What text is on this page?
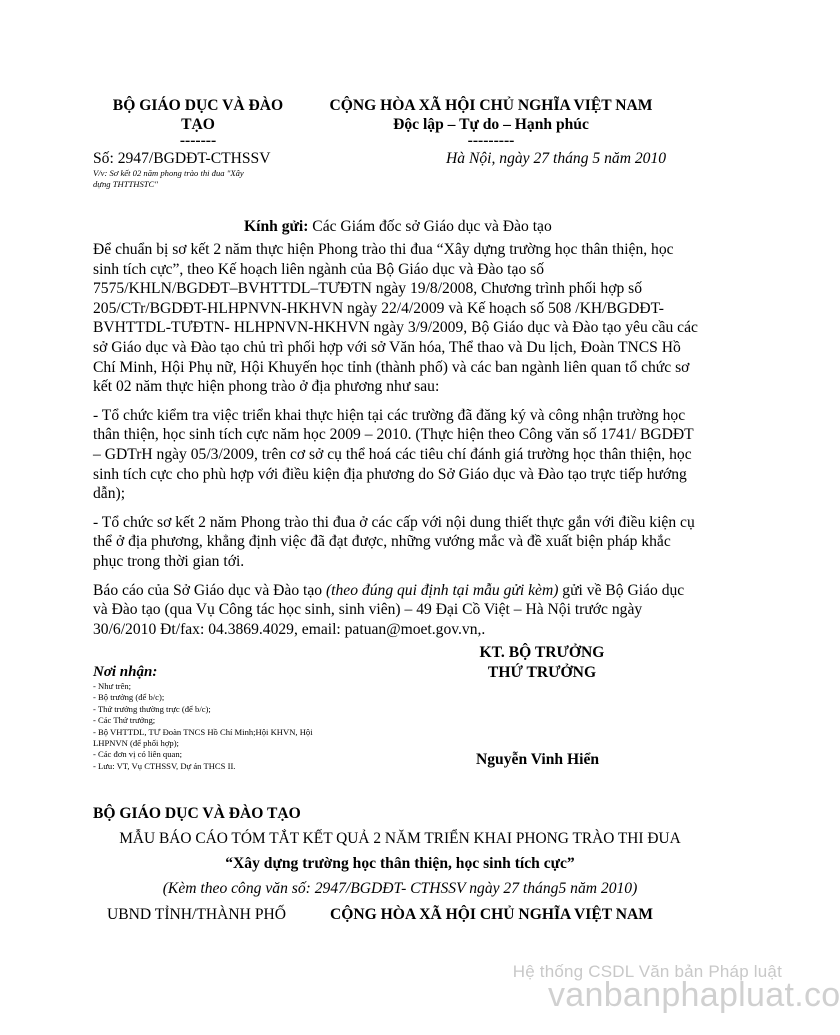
BỘ GIÁO DỤC VÀ ĐÀO
TẠO
-------
CỘNG HÒA XÃ HỘI CHỦ NGHĨA VIỆT NAM
Độc lập – Tự do – Hạnh phúc
---------
Số: 2947/BGDĐT-CTHSSV
V/v: Sơ kết 02 năm phong trào thi đua "Xây
dựng THTTHSTC"
Hà Nội, ngày 27 tháng 5 năm 2010
Kính gửi: Các Giám đốc sở Giáo dục và Đào tạo
Để chuẩn bị sơ kết 2 năm thực hiện Phong trào thi đua “Xây dựng trường học thân thiện, học
sinh tích cực”, theo Kế hoạch liên ngành của Bộ Giáo dục và Đào tạo số
7575/KHLN/BGDĐT–BVHTTDL–TƯĐTN ngày 19/8/2008, Chương trình phối hợp số
205/CTr/BGDĐT-HLHPNVN-HKHVN ngày 22/4/2009 và Kế hoạch số 508 /KH/BGDĐT-
BVHTTDL-TƯĐTN- HLHPNVN-HKHVN ngày 3/9/2009, Bộ Giáo dục và Đào tạo yêu cầu các
sở Giáo dục và Đào tạo chủ trì phối hợp với sở Văn hóa, Thể thao và Du lịch, Đoàn TNCS Hồ
Chí Minh, Hội Phụ nữ, Hội Khuyến học tỉnh (thành phố) và các ban ngành liên quan tổ chức sơ
kết 02 năm thực hiện phong trào ở địa phương như sau:
- Tổ chức kiểm tra việc triển khai thực hiện tại các trường đã đăng ký và công nhận trường học
thân thiện, học sinh tích cực năm học 2009 – 2010. (Thực hiện theo Công văn số 1741/ BGDĐT
– GDTrH ngày 05/3/2009, trên cơ sở cụ thể hoá các tiêu chí đánh giá trường học thân thiện, học
sinh tích cực cho phù hợp với điều kiện địa phương do Sở Giáo dục và Đào tạo trực tiếp hướng
dẫn);
- Tổ chức sơ kết 2 năm Phong trào thi đua ở các cấp với nội dung thiết thực gắn với điều kiện cụ
thể ở địa phương, khẳng định việc đã đạt được, những vướng mắc và đề xuất biện pháp khắc
phục trong thời gian tới.
Báo cáo của Sở Giáo dục và Đào tạo (theo đúng qui định tại mẫu gửi kèm) gửi về Bộ Giáo dục
và Đào tạo (qua Vụ Công tác học sinh, sinh viên) – 49 Đại Cồ Việt – Hà Nội trước ngày
30/6/2010 Đt/fax: 04.3869.4029, email: patuan@moet.gov.vn,.
KT. BỘ TRƯỞNG
THỨ TRƯỞNG
Nguyễn Vinh Hiển
Nơi nhận:
- Như trên;
- Bộ trưởng (để b/c);
- Thứ trưởng thường trực (để b/c);
- Các Thứ trưởng;
- Bộ VHTTDL, TƯ Đoàn TNCS Hồ Chí Minh;Hội KHVN, Hội
LHPNVN (để phối hợp);
- Các đơn vị có liên quan;
- Lưu: VT, Vụ CTHSSV, Dự án THCS II.
BỘ GIÁO DỤC VÀ ĐÀO TẠO
MẪU BÁO CÁO TÓM TẮT KẾT QUẢ 2 NĂM TRIỂN KHAI PHONG TRÀO THI ĐUA
“Xây dựng trường học thân thiện, học sinh tích cực”
(Kèm theo công văn số: 2947/BGDĐT- CTHSSV ngày 27 tháng5 năm 2010)
UBND TỈNH/THÀNH PHỐ	CỘNG HÒA XÃ HỘI CHỦ NGHĨA VIỆT NAM
Hệ thống CSDL Văn bản Pháp luật
vanbanphapluat.co
